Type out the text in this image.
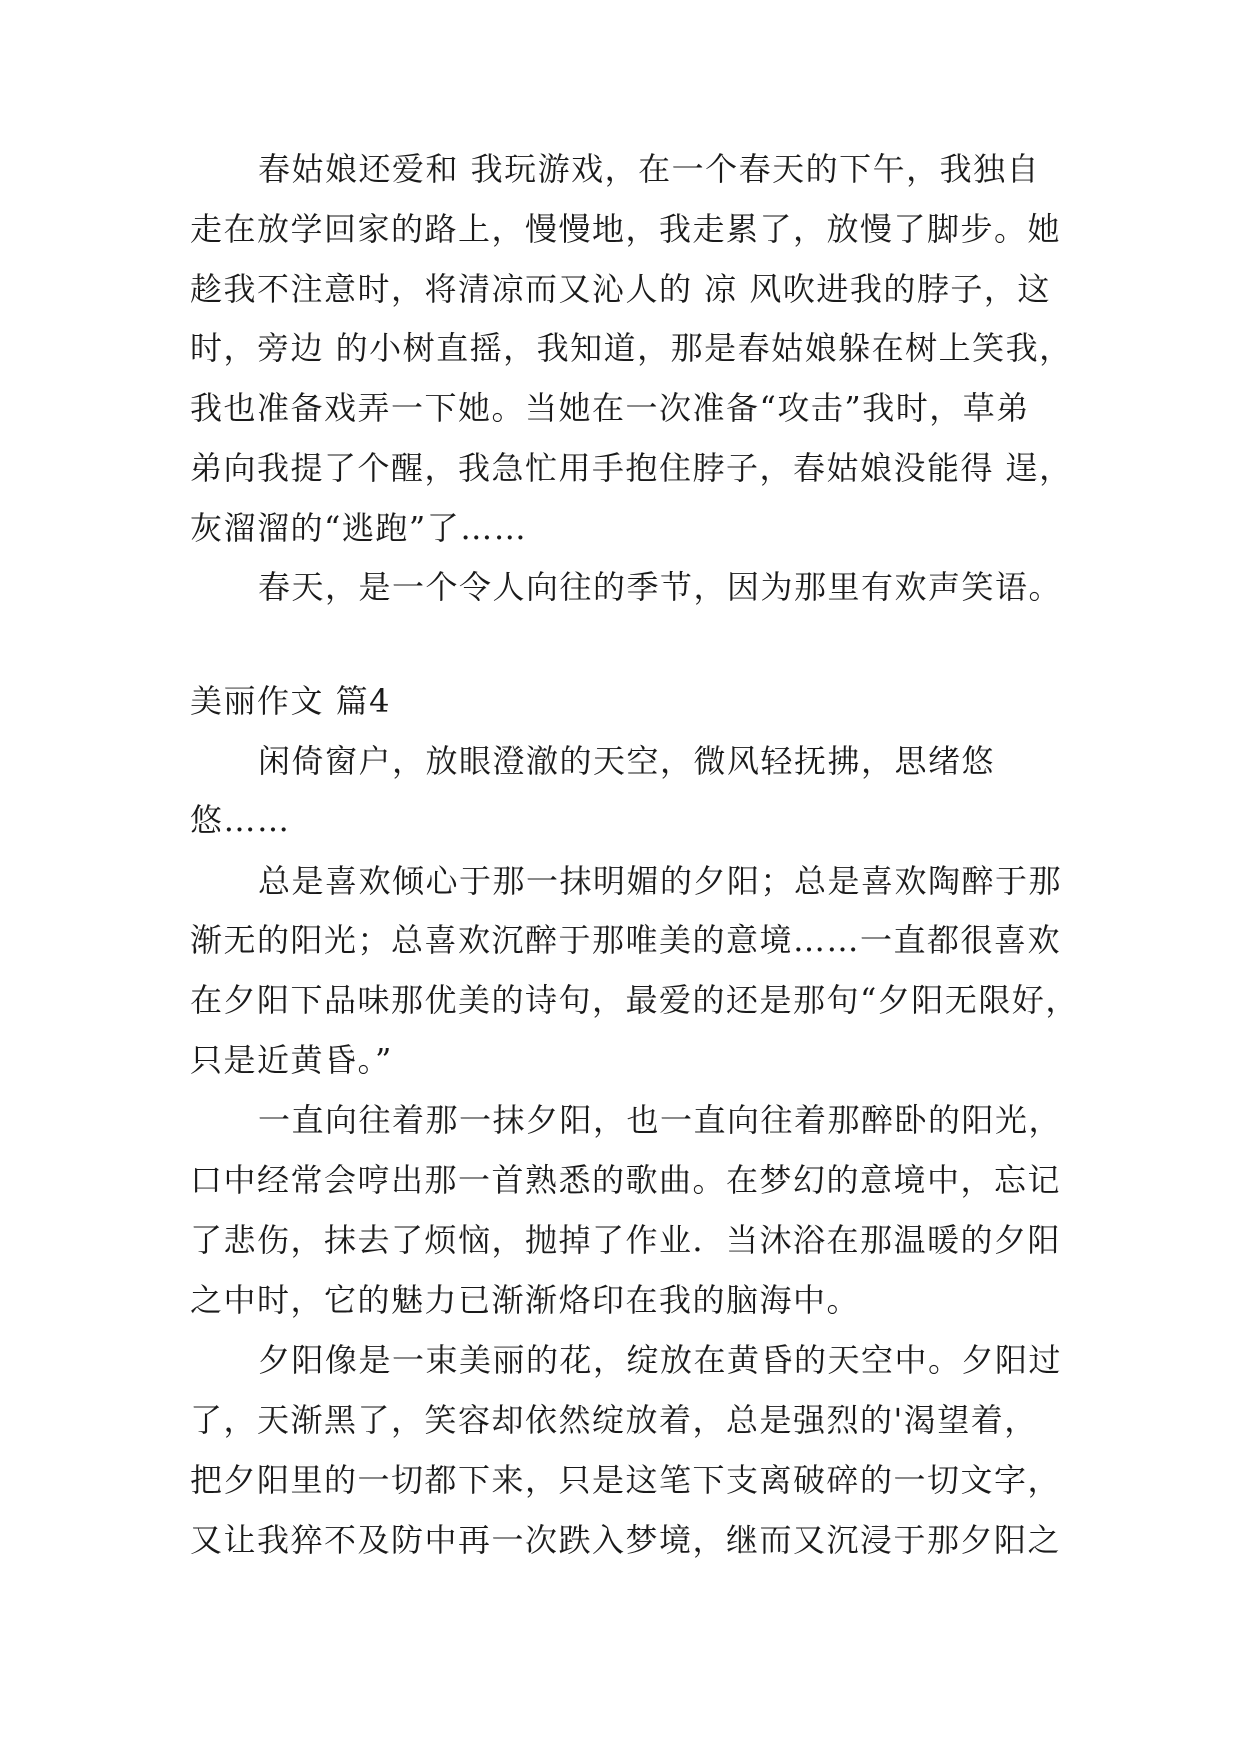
春姑娘还爱和 我玩游戏，在一个春天的下午，我独自
走在放学回家的路上，慢慢地，我走累了，放慢了脚步。她
趁我不注意时，将清凉而又沁人的 凉 风吹进我的脖子，这
时，旁边 的小树直摇，我知道，那是春姑娘躲在树上笑我，
我也准备戏弄一下她。当她在一次准备“攻击”我时，草弟
弟向我提了个醒，我急忙用手抱住脖子，春姑娘没能得 逞，
灰溜溜的“逃跑”了……
春天，是一个令人向往的季节，因为那里有欢声笑语。
美丽作文 篇4
闲倚窗户，放眼澄澈的天空，微风轻抚拂，思绪悠
悠……
总是喜欢倾心于那一抹明媚的夕阳；总是喜欢陶醉于那
渐无的阳光；总喜欢沉醉于那唯美的意境……一直都很喜欢
在夕阳下品味那优美的诗句，最爱的还是那句“夕阳无限好，
只是近黄昏。”
一直向往着那一抹夕阳，也一直向往着那醉卧的阳光，
口中经常会哼出那一首熟悉的歌曲。在梦幻的意境中，忘记
了悲伤，抹去了烦恼，抛掉了作业．当沐浴在那温暖的夕阳
之中时，它的魅力已渐渐烙印在我的脑海中。
夕阳像是一束美丽的花，绽放在黄昏的天空中。夕阳过
了，天渐黑了，笑容却依然绽放着，总是强烈的'渴望着，
把夕阳里的一切都下来，只是这笔下支离破碎的一切文字，
又让我猝不及防中再一次跌入梦境，继而又沉浸于那夕阳之
